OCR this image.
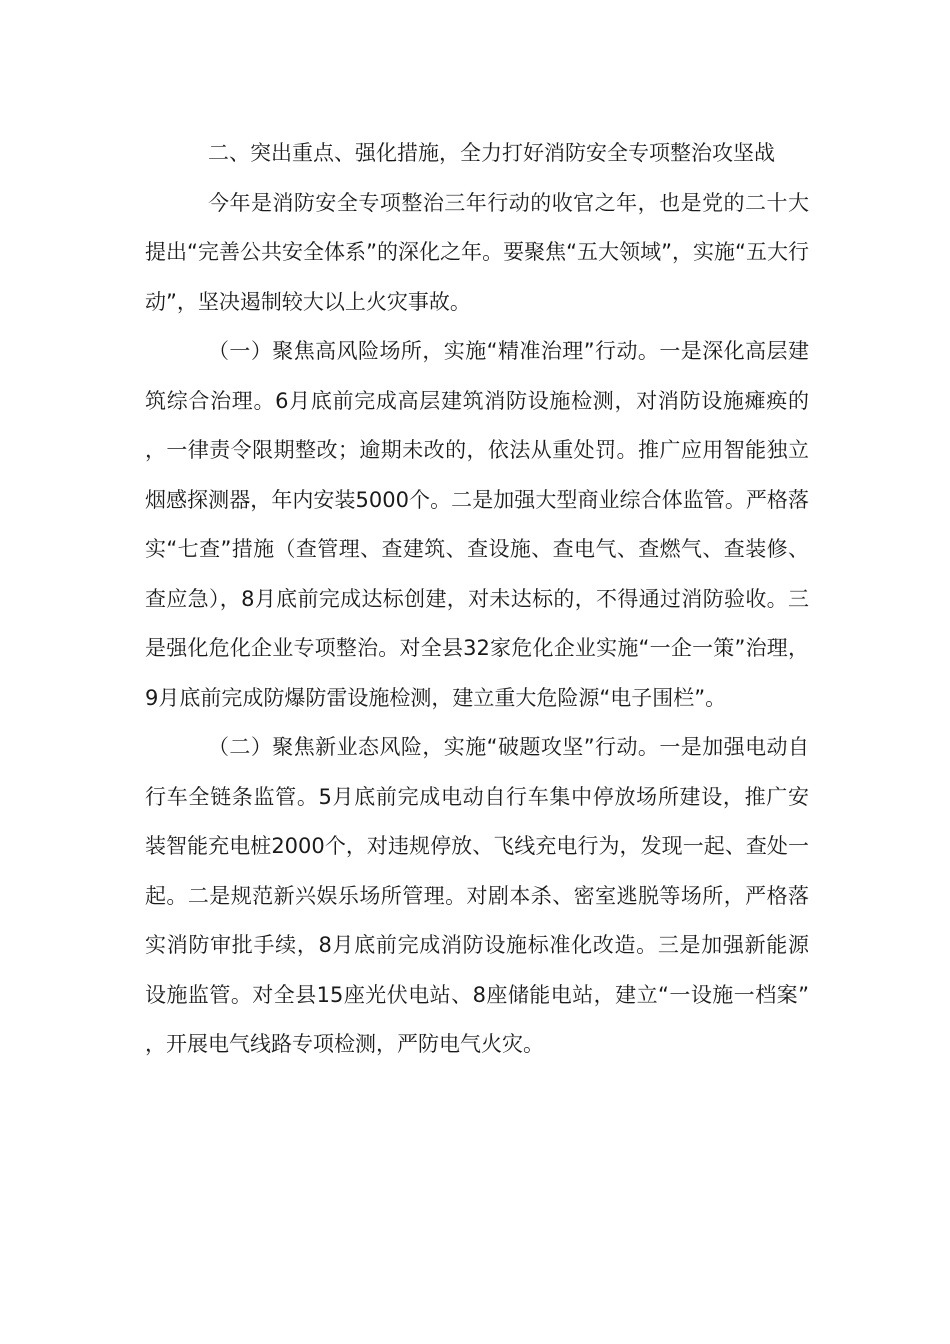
二、突出重点、强化措施，全力打好消防安全专项整治攻坚战

今年是消防安全专项整治三年行动的收官之年，也是党的二十大提出“完善公共安全体系”的深化之年。要聚焦“五大领域”，实施“五大行动”，坚决遏制较大以上火灾事故。

（一）聚焦高风险场所，实施“精准治理”行动。一是深化高层建筑综合治理。6月底前完成高层建筑消防设施检测，对消防设施瘫痪的，一律责令限期整改；逾期未改的，依法从重处罚。推广应用智能独立烟感探测器，年内安装5000个。二是加强大型商业综合体监管。严格落实“七查”措施（查管理、查建筑、查设施、查电气、查燃气、查装修、查应急），8月底前完成达标创建，对未达标的，不得通过消防验收。三是强化危化企业专项整治。对全县32家危化企业实施“一企一策”治理，9月底前完成防爆防雷设施检测，建立重大危险源“电子围栏”。

（二）聚焦新业态风险，实施“破题攻坚”行动。一是加强电动自行车全链条监管。5月底前完成电动自行车集中停放场所建设，推广安装智能充电桩2000个，对违规停放、飞线充电行为，发现一起、查处一起。二是规范新兴娱乐场所管理。对剧本杀、密室逃脱等场所，严格落实消防审批手续，8月底前完成消防设施标准化改造。三是加强新能源设施监管。对全县15座光伏电站、8座储能电站，建立“一设施一档案”，开展电气线路专项检测，严防电气火灾。
